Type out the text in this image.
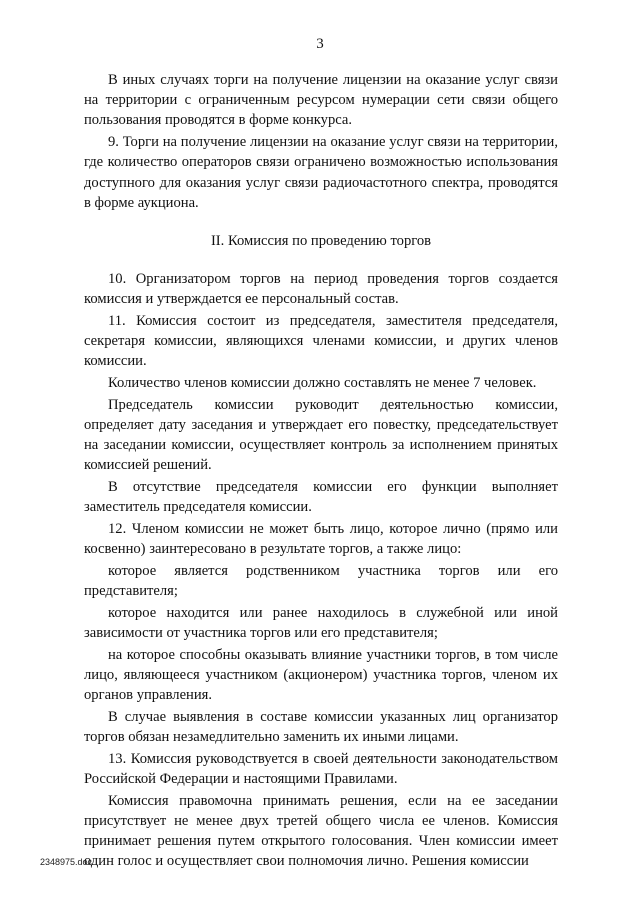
3

В иных случаях торги на получение лицензии на оказание услуг связи на территории с ограниченным ресурсом нумерации сети связи общего пользования проводятся в форме конкурса.

9. Торги на получение лицензии на оказание услуг связи на территории, где количество операторов связи ограничено возможностью использования доступного для оказания услуг связи радиочастотного спектра, проводятся в форме аукциона.

II. Комиссия по проведению торгов

10. Организатором торгов на период проведения торгов создается комиссия и утверждается ее персональный состав.

11. Комиссия состоит из председателя, заместителя председателя, секретаря комиссии, являющихся членами комиссии, и других членов комиссии.

Количество членов комиссии должно составлять не менее 7 человек.

Председатель комиссии руководит деятельностью комиссии, определяет дату заседания и утверждает его повестку, председательствует на заседании комиссии, осуществляет контроль за исполнением принятых комиссией решений.

В отсутствие председателя комиссии его функции выполняет заместитель председателя комиссии.

12. Членом комиссии не может быть лицо, которое лично (прямо или косвенно) заинтересовано в результате торгов, а также лицо:

которое является родственником участника торгов или его представителя;

которое находится или ранее находилось в служебной или иной зависимости от участника торгов или его представителя;

на которое способны оказывать влияние участники торгов, в том числе лицо, являющееся участником (акционером) участника торгов, членом их органов управления.

В случае выявления в составе комиссии указанных лиц организатор торгов обязан незамедлительно заменить их иными лицами.

13. Комиссия руководствуется в своей деятельности законодательством Российской Федерации и настоящими Правилами.

Комиссия правомочна принимать решения, если на ее заседании присутствует не менее двух третей общего числа ее членов. Комиссия принимает решения путем открытого голосования. Член комиссии имеет один голос и осуществляет свои полномочия лично. Решения комиссии

2348975.doc
